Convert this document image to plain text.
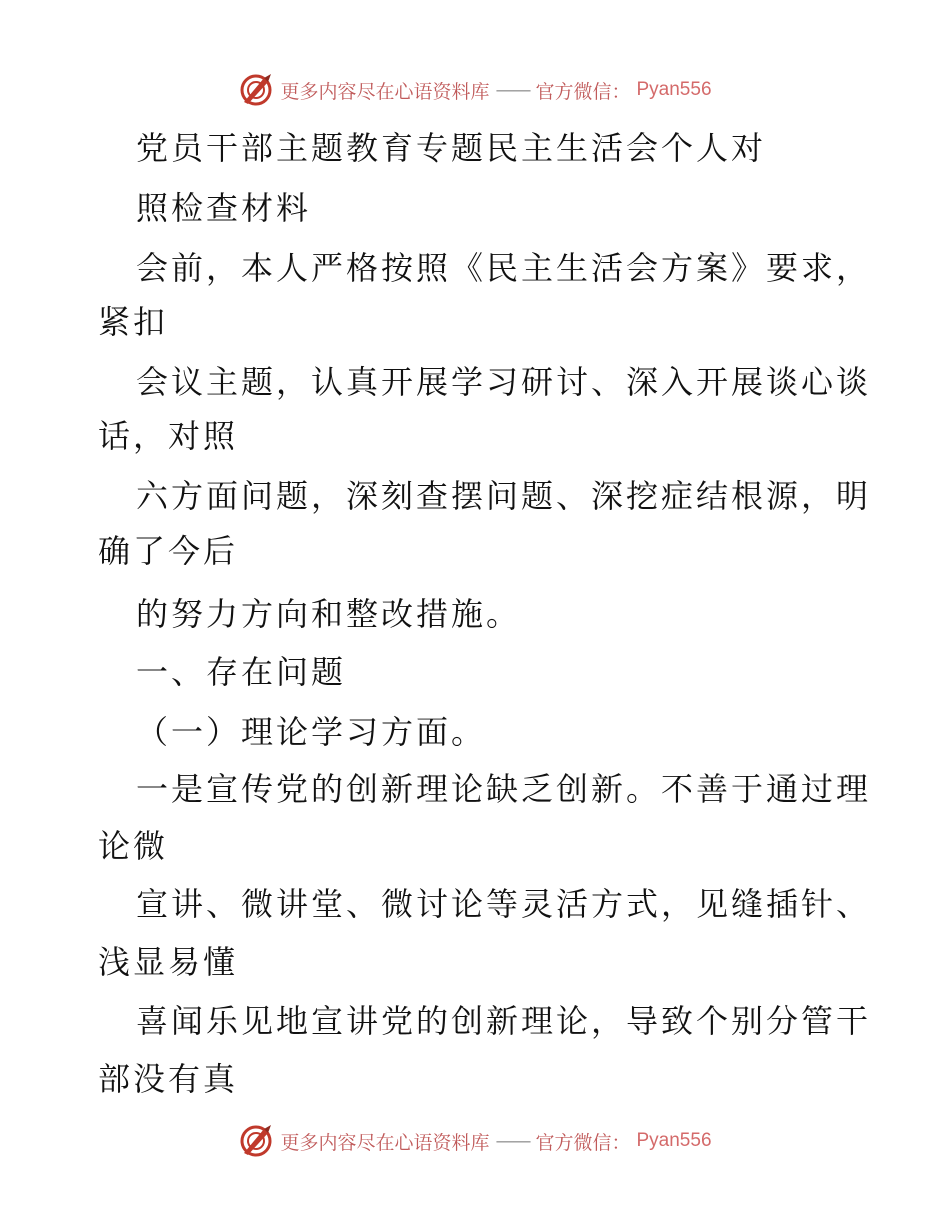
更多内容尽在心语资料库 —— 官方微信： Pyan556
党员干部主题教育专题民主生活会个人对
照检查材料
会前，本人严格按照《民主生活会方案》要求，
紧扣
会议主题，认真开展学习研讨、深入开展谈心谈
话，对照
六方面问题，深刻查摆问题、深挖症结根源，明
确了今后
的努力方向和整改措施。
一、存在问题
（一）理论学习方面。
一是宣传党的创新理论缺乏创新。不善于通过理
论微
宣讲、微讲堂、微讨论等灵活方式，见缝插针、
浅显易懂
喜闻乐见地宣讲党的创新理论，导致个别分管干
部没有真
更多内容尽在心语资料库 —— 官方微信： Pyan556
